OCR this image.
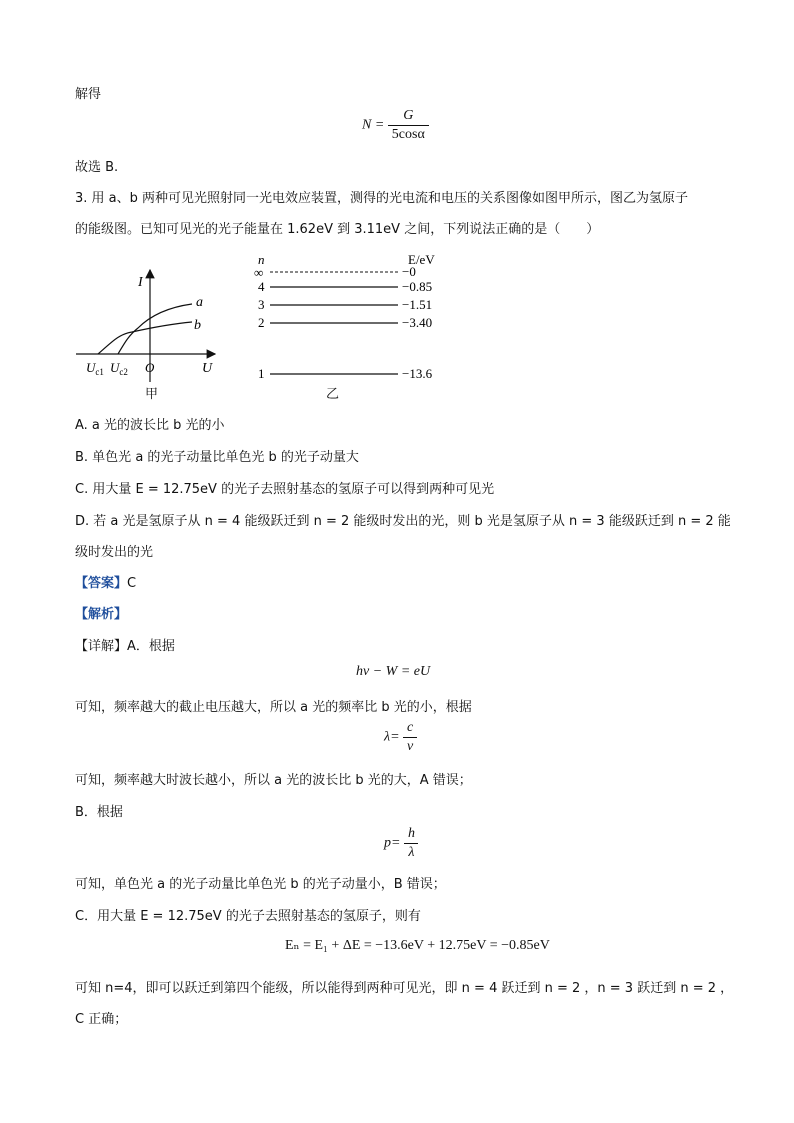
解得
$N = \frac{G}{5\cos\alpha}$
故选 B.
3. 用 a、b 两种可见光照射同一光电效应装置，测得的光电流和电压的关系图像如图甲所示，图乙为氢原子
的能级图。已知可见光的光子能量在 1.62eV 到 3.11eV 之间，下列说法正确的是（　　）
I
a
b
O	U
$U_{c1}$ $U_{c2}$
甲
n	E/eV
∞
4
3
2
1
−0
−0.85
−1.51
−3.40
−13.6
乙
A. a 光的波长比 b 光的小
B. 单色光 a 的光子动量比单色光 b 的光子动量大
C. 用大量 E = 12.75eV 的光子去照射基态的氢原子可以得到两种可见光
D. 若 a 光是氢原子从 n = 4 能级跃迁到 n = 2 能级时发出的光，则 b 光是氢原子从 n = 3 能级跃迁到 n = 2 能
级时发出的光
【答案】C
【解析】
【详解】A．根据
hν − W = eU
可知，频率越大的截止电压越大，所以 a 光的频率比 b 光的小，根据
$\lambda= \frac{c}{\nu}$
可知，频率越大时波长越小，所以 a 光的波长比 b 光的大，A 错误；
B．根据
$p= \frac{h}{\lambda}$
可知，单色光 a 的光子动量比单色光 b 的光子动量小，B 错误；
C．用大量 E = 12.75eV 的光子去照射基态的氢原子，则有
Eₙ = E₁ + ΔE = −13.6eV + 12.75eV = −0.85eV
可知 n=4，即可以跃迁到第四个能级，所以能得到两种可见光，即 n = 4 跃迁到 n = 2 ，n = 3 跃迁到 n = 2 ，
C 正确；
